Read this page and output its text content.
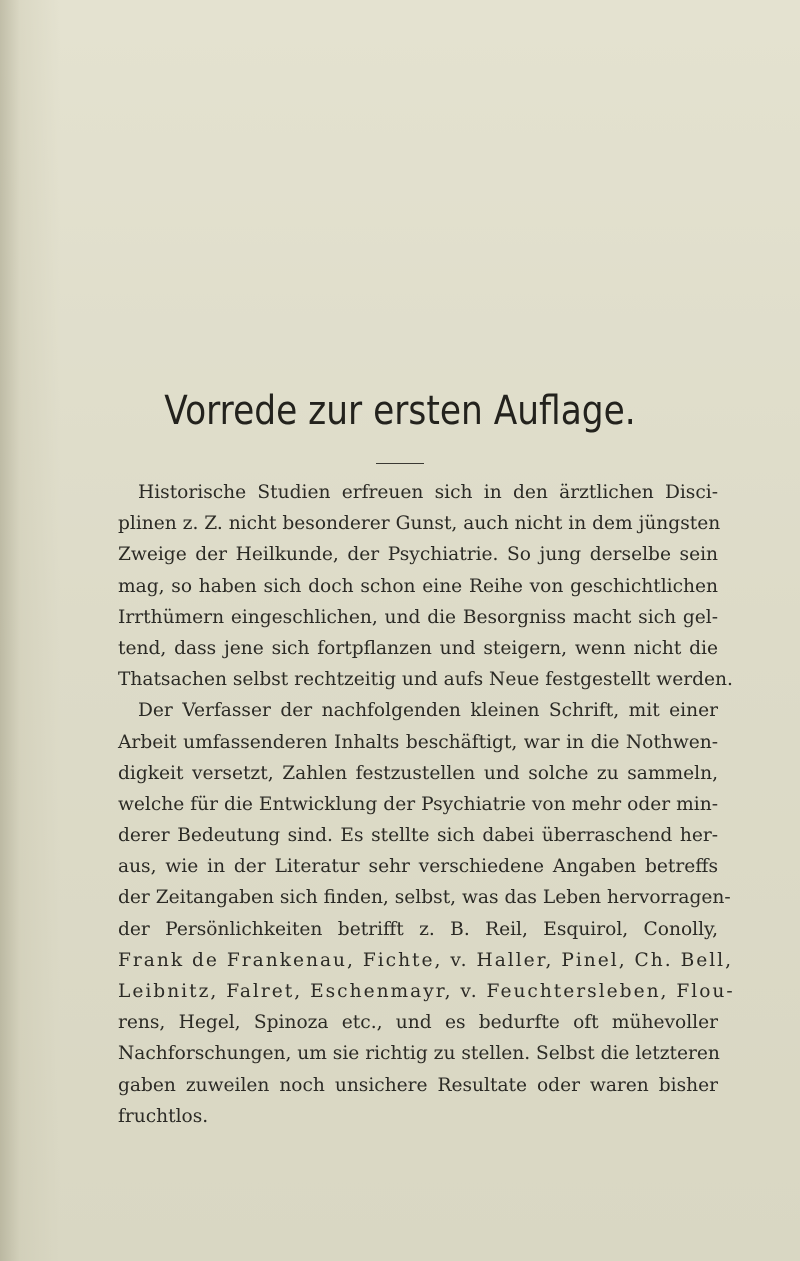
Vorrede zur ersten Auflage.
Historische Studien erfreuen sich in den ärztlichen Disci-
plinen z. Z. nicht besonderer Gunst, auch nicht in dem jüngsten
Zweige der Heilkunde, der Psychiatrie. So jung derselbe sein
mag, so haben sich doch schon eine Reihe von geschichtlichen
Irrthümern eingeschlichen, und die Besorgniss macht sich gel-
tend, dass jene sich fortpflanzen und steigern, wenn nicht die
Thatsachen selbst rechtzeitig und aufs Neue festgestellt werden.
Der Verfasser der nachfolgenden kleinen Schrift, mit einer
Arbeit umfassenderen Inhalts beschäftigt, war in die Nothwen-
digkeit versetzt, Zahlen festzustellen und solche zu sammeln,
welche für die Entwicklung der Psychiatrie von mehr oder min-
derer Bedeutung sind. Es stellte sich dabei überraschend her-
aus, wie in der Literatur sehr verschiedene Angaben betreffs
der Zeitangaben sich finden, selbst, was das Leben hervorragen-
der Persönlichkeiten betrifft z. B. Reil, Esquirol, Conolly,
Frank de Frankenau, Fichte, v. Haller, Pinel, Ch. Bell,
Leibnitz, Falret, Eschenmayr, v. Feuchtersleben, Flou-
rens, Hegel, Spinoza etc., und es bedurfte oft mühevoller
Nachforschungen, um sie richtig zu stellen. Selbst die letzteren
gaben zuweilen noch unsichere Resultate oder waren bisher
fruchtlos.
